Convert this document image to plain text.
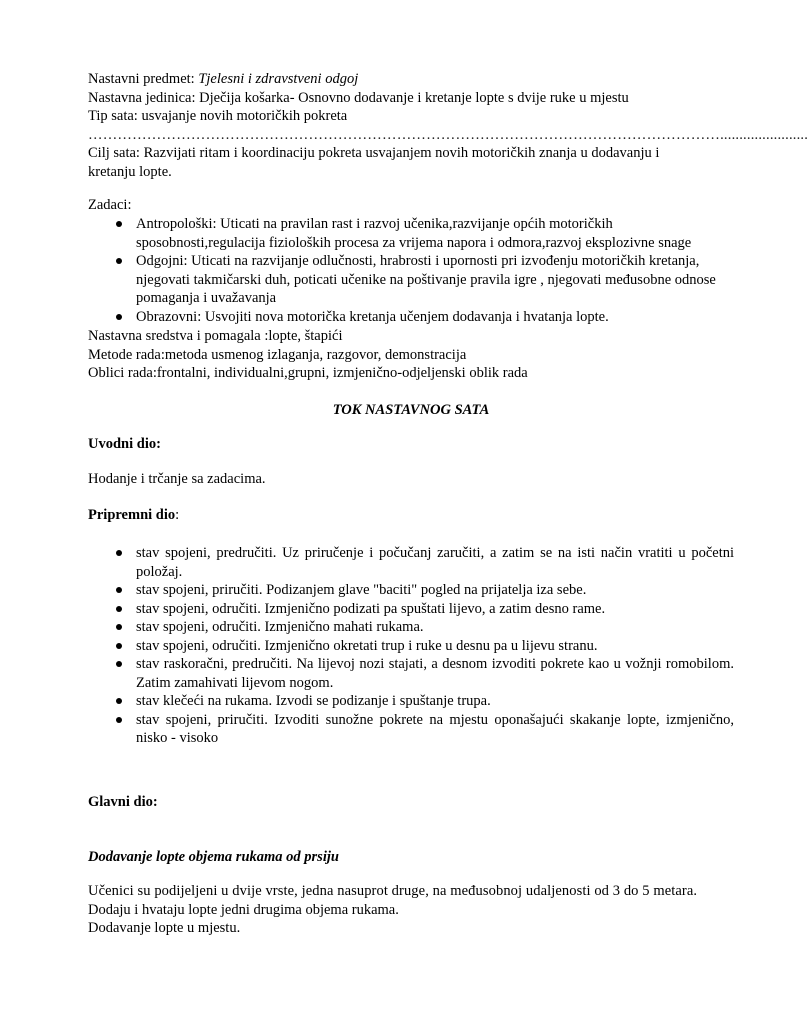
Nastavni predmet: Tjelesni i zdravstveni odgoj
Nastavna jedinica: Dječija košarka- Osnovno dodavanje i kretanje lopte s dvije ruke u mjestu
Tip sata: usvajanje novih motoričkih pokreta
………………………………………………………………………………………………………………….......................
Cilj sata: Razvijati ritam i koordinaciju pokreta usvajanjem novih motoričkih znanja u dodavanju i kretanju lopte.
Zadaci:
Antropološki: Uticati na pravilan rast i razvoj učenika,razvijanje općih motoričkih sposobnosti,regulacija fizioloških procesa za vrijema napora i odmora,razvoj eksplozivne snage
Odgojni: Uticati na razvijanje odlučnosti, hrabrosti i upornosti pri izvođenju motoričkih kretanja, njegovati takmičarski duh, poticati učenike na poštivanje pravila igre , njegovati međusobne odnose pomaganja i uvažavanja
Obrazovni: Usvojiti nova motorička kretanja učenjem dodavanja i hvatanja lopte.
Nastavna sredstva i pomagala :lopte, štapići
Metode rada:metoda usmenog izlaganja, razgovor, demonstracija
Oblici rada:frontalni, individualni,grupni, izmjenično-odjeljenski oblik rada
TOK NASTAVNOG SATA
Uvodni dio:
Hodanje i trčanje sa zadacima.
Pripremni dio:
stav spojeni, predručiti. Uz priručenje i počučanj zaručiti, a zatim se na isti način vratiti u početni položaj.
stav spojeni, priručiti. Podizanjem glave "baciti" pogled na prijatelja iza sebe.
stav spojeni, odručiti. Izmjenično podizati pa spuštati lijevo, a zatim desno rame.
stav spojeni, odručiti. Izmjenično mahati rukama.
stav spojeni, odručiti. Izmjenično okretati trup i ruke u desnu pa u lijevu stranu.
stav raskoračni, predručiti. Na lijevoj nozi stajati, a desnom izvoditi pokrete kao u vožnji romobilom. Zatim zamahivati lijevom nogom.
stav klečeći na rukama. Izvodi se podizanje i spuštanje trupa.
stav spojeni, priručiti. Izvoditi sunožne pokrete na mjestu oponašajući skakanje lopte, izmjenično, nisko - visoko
Glavni dio:
Dodavanje lopte objema rukama od prsiju
Učenici su podijeljeni u dvije vrste, jedna nasuprot druge, na međusobnoj udaljenosti od 3 do 5 metara.
Dodaju i hvataju lopte jedni drugima objema rukama.
Dodavanje lopte u mjestu.
